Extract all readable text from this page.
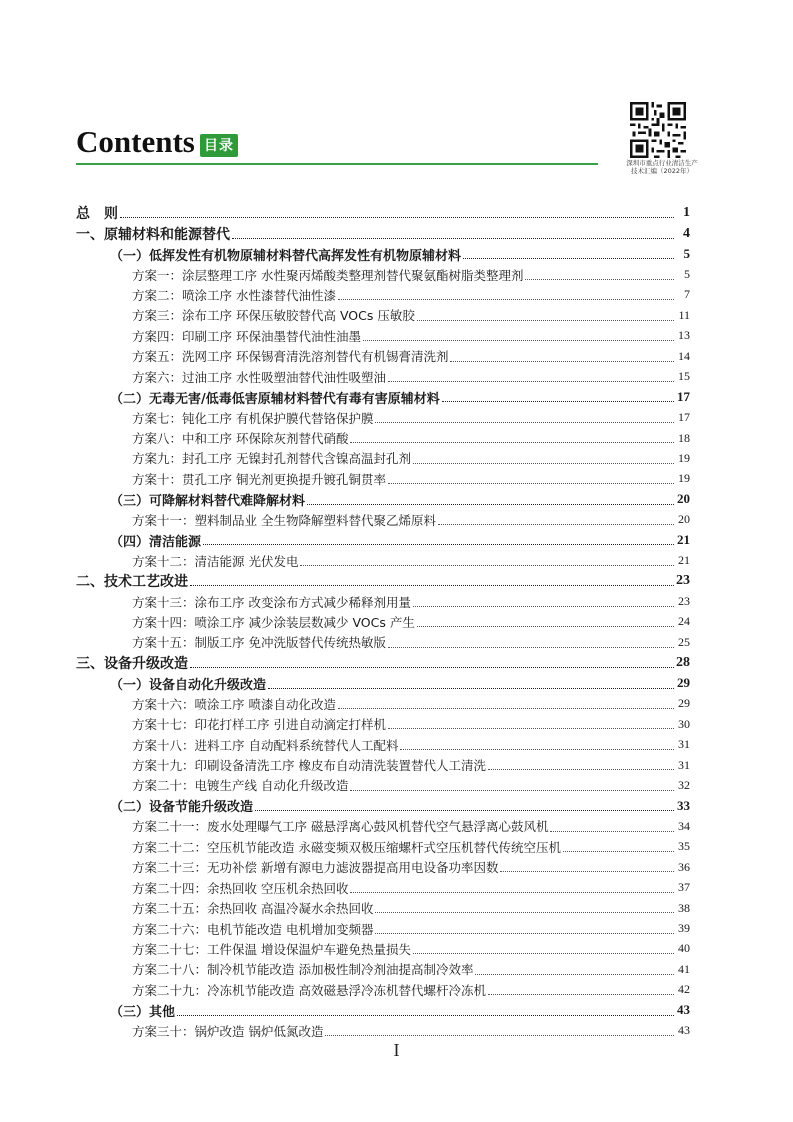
Contents 目录
深圳市重点行业清洁生产
技术汇编（2022年）
总　则	1
一、原辅材料和能源替代	4
（一）低挥发性有机物原辅材料替代高挥发性有机物原辅材料	5
方案一：涂层整理工序 水性聚丙烯酸类整理剂替代聚氨酯树脂类整理剂	5
方案二：喷涂工序 水性漆替代油性漆	7
方案三：涂布工序 环保压敏胶替代高 VOCs 压敏胶	11
方案四：印刷工序 环保油墨替代油性油墨	13
方案五：洗网工序 环保锡膏清洗溶剂替代有机锡膏清洗剂	14
方案六：过油工序 水性吸塑油替代油性吸塑油	15
（二）无毒无害/低毒低害原辅材料替代有毒有害原辅材料	17
方案七：钝化工序 有机保护膜代替铬保护膜	17
方案八：中和工序 环保除灰剂替代硝酸	18
方案九：封孔工序 无镍封孔剂替代含镍高温封孔剂	19
方案十：贯孔工序 铜光剂更换提升镀孔铜贯率	19
（三）可降解材料替代难降解材料	20
方案十一：塑料制品业 全生物降解塑料替代聚乙烯原料	20
（四）清洁能源	21
方案十二：清洁能源 光伏发电	21
二、技术工艺改进	23
方案十三：涂布工序 改变涂布方式减少稀释剂用量	23
方案十四：喷涂工序 减少涂装层数减少 VOCs 产生	24
方案十五：制版工序 免冲洗版替代传统热敏版	25
三、设备升级改造	28
（一）设备自动化升级改造	29
方案十六：喷涂工序 喷漆自动化改造	29
方案十七：印花打样工序 引进自动滴定打样机	30
方案十八：进料工序 自动配料系统替代人工配料	31
方案十九：印刷设备清洗工序 橡皮布自动清洗装置替代人工清洗	31
方案二十：电镀生产线 自动化升级改造	32
（二）设备节能升级改造	33
方案二十一：废水处理曝气工序 磁悬浮离心鼓风机替代空气悬浮离心鼓风机	34
方案二十二：空压机节能改造 永磁变频双极压缩螺杆式空压机替代传统空压机	35
方案二十三：无功补偿 新增有源电力滤波器提高用电设备功率因数	36
方案二十四：余热回收 空压机余热回收	37
方案二十五：余热回收 高温冷凝水余热回收	38
方案二十六：电机节能改造 电机增加变频器	39
方案二十七：工件保温 增设保温炉车避免热量损失	40
方案二十八：制冷机节能改造 添加极性制冷剂油提高制冷效率	41
方案二十九：冷冻机节能改造 高效磁悬浮冷冻机替代螺杆冷冻机	42
（三）其他	43
方案三十：锅炉改造 锅炉低氮改造	43
I
